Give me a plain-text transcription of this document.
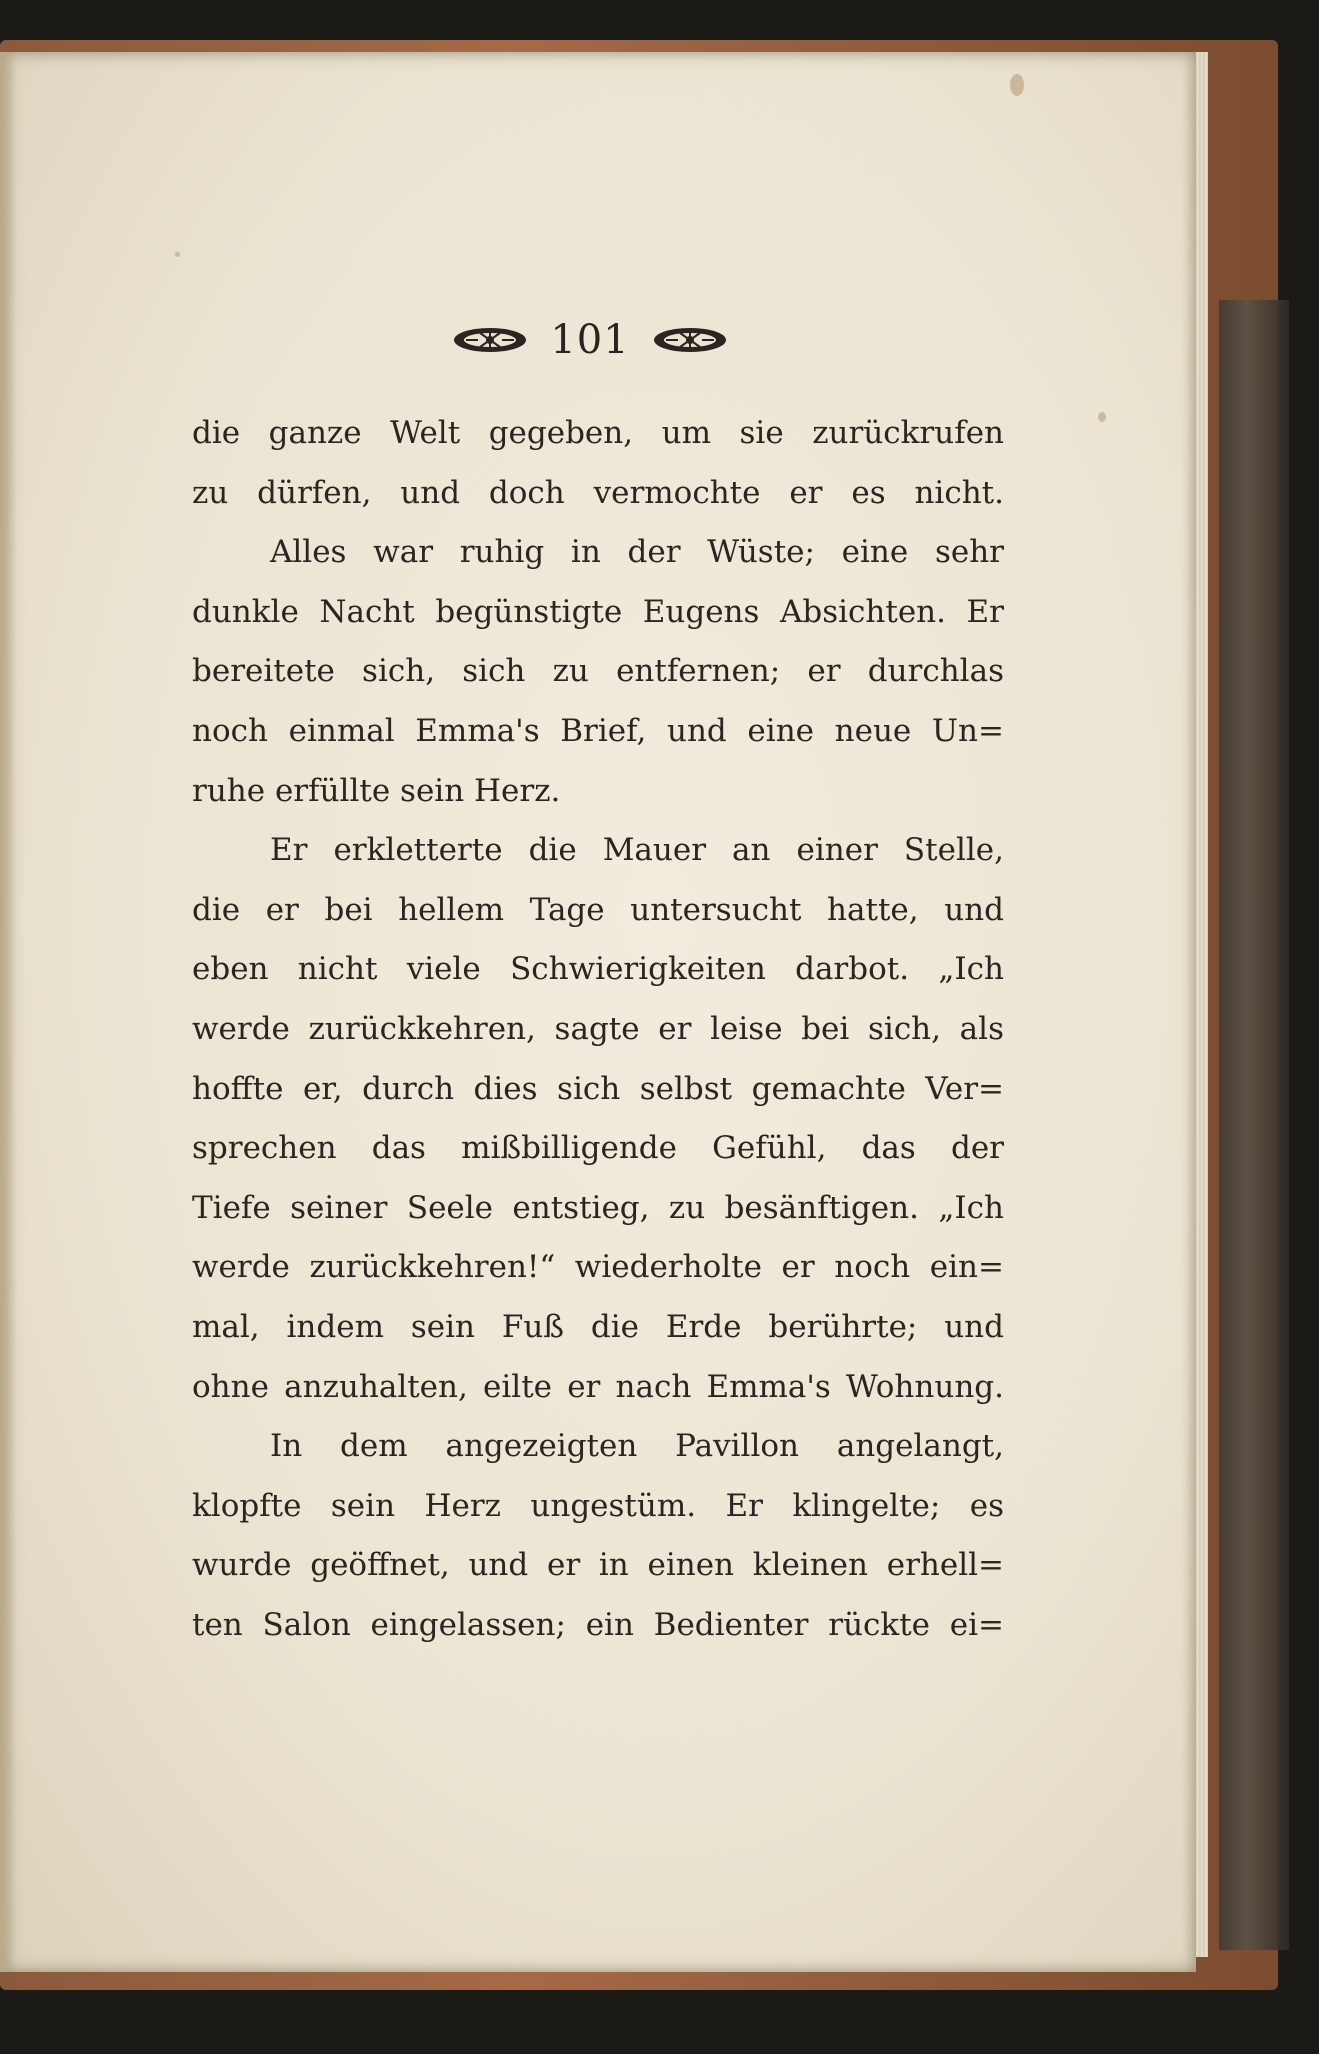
101
die ganze Welt gegeben, um sie zurückrufen
zu dürfen, und doch vermochte er es nicht.
Alles war ruhig in der Wüste; eine sehr
dunkle Nacht begünstigte Eugens Absichten. Er
bereitete sich, sich zu entfernen; er durchlas
noch einmal Emma's Brief, und eine neue Un=
ruhe erfüllte sein Herz.
Er erkletterte die Mauer an einer Stelle,
die er bei hellem Tage untersucht hatte, und
eben nicht viele Schwierigkeiten darbot. „Ich
werde zurückkehren, sagte er leise bei sich, als
hoffte er, durch dies sich selbst gemachte Ver=
sprechen das mißbilligende Gefühl, das der
Tiefe seiner Seele entstieg, zu besänftigen. „Ich
werde zurückkehren!“ wiederholte er noch ein=
mal, indem sein Fuß die Erde berührte; und
ohne anzuhalten, eilte er nach Emma's Wohnung.
In dem angezeigten Pavillon angelangt,
klopfte sein Herz ungestüm. Er klingelte; es
wurde geöffnet, und er in einen kleinen erhell=
ten Salon eingelassen; ein Bedienter rückte ei=
